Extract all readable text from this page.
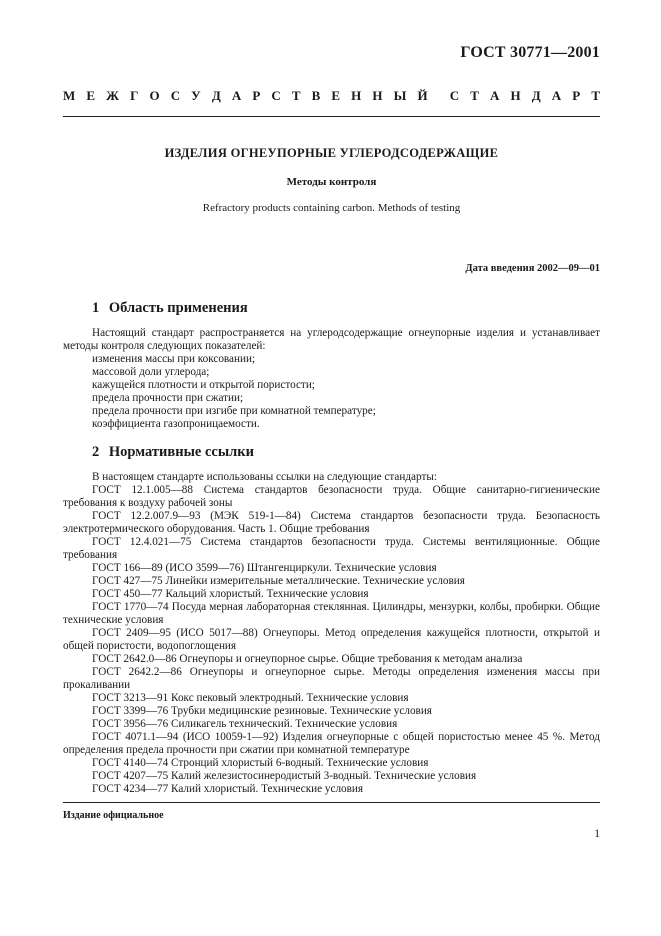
ГОСТ 30771—2001
М Е Ж Г О С У Д А Р С Т В Е Н Н Ы Й С Т А Н Д А Р Т
ИЗДЕЛИЯ ОГНЕУПОРНЫЕ УГЛЕРОДСОДЕРЖАЩИЕ
Методы контроля
Refractory products containing carbon. Methods of testing
Дата введения 2002—09—01
1 Область применения

Настоящий стандарт распространяется на углеродсодержащие огнеупорные изделия и устанавливает методы контроля следующих показателей:

изменения массы при коксовании;

массовой доли углерода;

кажущейся плотности и открытой пористости;

предела прочности при сжатии;

предела прочности при изгибе при комнатной температуре;

коэффициента газопроницаемости.

2 Нормативные ссылки

В настоящем стандарте использованы ссылки на следующие стандарты:

ГОСТ 12.1.005—88 Система стандартов безопасности труда. Общие санитарно-гигиенические требования к воздуху рабочей зоны

ГОСТ 12.2.007.9—93 (МЭК 519-1—84) Система стандартов безопасности труда. Безопасность электротермического оборудования. Часть 1. Общие требования

ГОСТ 12.4.021—75 Система стандартов безопасности труда. Системы вентиляционные. Общие требования

ГОСТ 166—89 (ИСО 3599—76) Штангенциркули. Технические условия

ГОСТ 427—75 Линейки измерительные металлические. Технические условия

ГОСТ 450—77 Кальций хлористый. Технические условия

ГОСТ 1770—74 Посуда мерная лабораторная стеклянная. Цилиндры, мензурки, колбы, пробирки. Общие технические условия

ГОСТ 2409—95 (ИСО 5017—88) Огнеупоры. Метод определения кажущейся плотности, открытой и общей пористости, водопоглощения

ГОСТ 2642.0—86 Огнеупоры и огнеупорное сырье. Общие требования к методам анализа

ГОСТ 2642.2—86 Огнеупоры и огнеупорное сырье. Методы определения изменения массы при прокаливании

ГОСТ 3213—91 Кокс пековый электродный. Технические условия

ГОСТ 3399—76 Трубки медицинские резиновые. Технические условия

ГОСТ 3956—76 Силикагель технический. Технические условия

ГОСТ 4071.1—94 (ИСО 10059-1—92) Изделия огнеупорные с общей пористостью менее 45 %. Метод определения предела прочности при сжатии при комнатной температуре

ГОСТ 4140—74 Стронций хлористый 6-водный. Технические условия

ГОСТ 4207—75 Калий железистосинеродистый 3-водный. Технические условия

ГОСТ 4234—77 Калий хлористый. Технические условия

Издание официальное
1
